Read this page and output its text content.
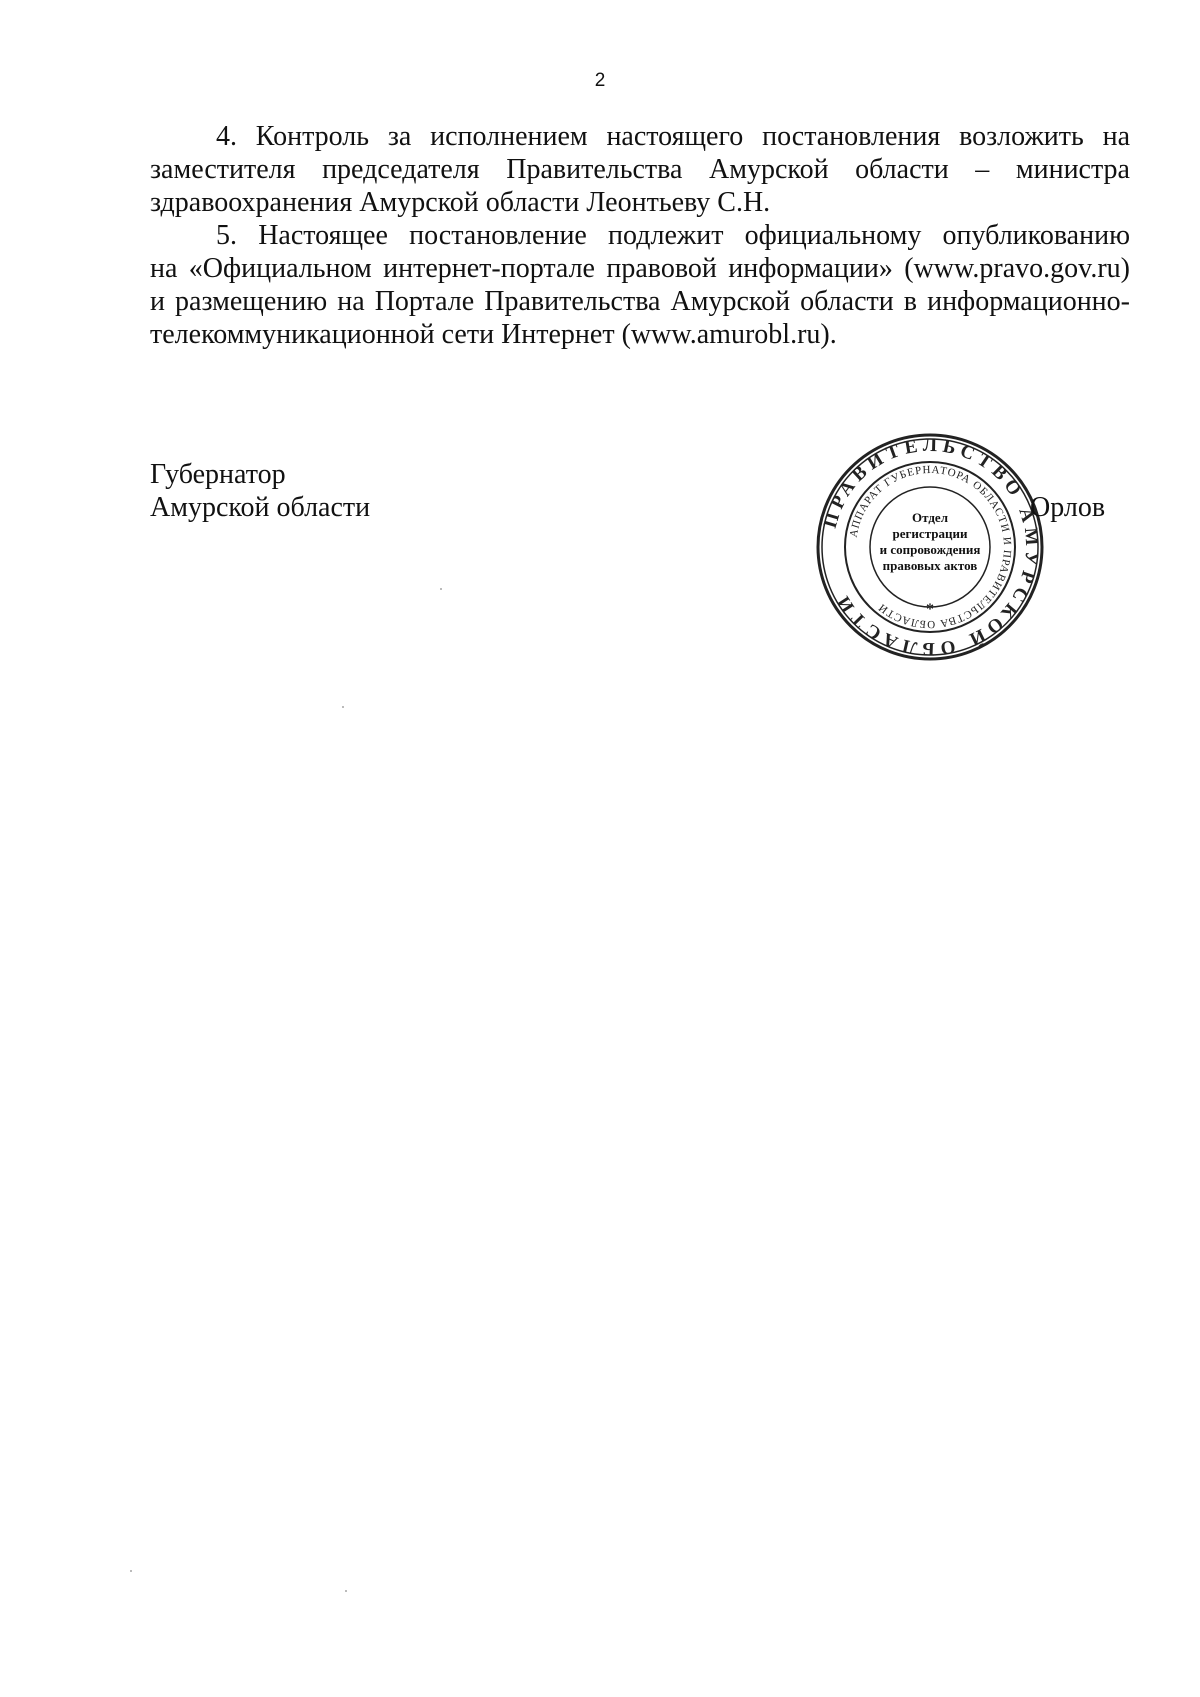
2

4. Контроль за исполнением настоящего постановления возложить на
заместителя председателя Правительства Амурской области – министра
здравоохранения Амурской области Леонтьеву С.Н.

5. Настоящее постановление подлежит официальному опубликованию
на «Официальном интернет-портале правовой информации» (www.pravo.gov.ru)
и размещению на Портале Правительства Амурской области в информационно-
телекоммуникационной сети Интернет (www.amurobl.ru).

Губернатор
Амурской области	ПРАВИТЕЛЬСТВО АМУРСКОЙ ОБЛАСТИ
АППАРАТ ГУБЕРНАТОРА ОБЛАСТИ И ПРАВИТЕЛЬСТВА ОБЛАСТИ	*
Отдел
регистрации
и сопровождения
правовых актов
Орлов
